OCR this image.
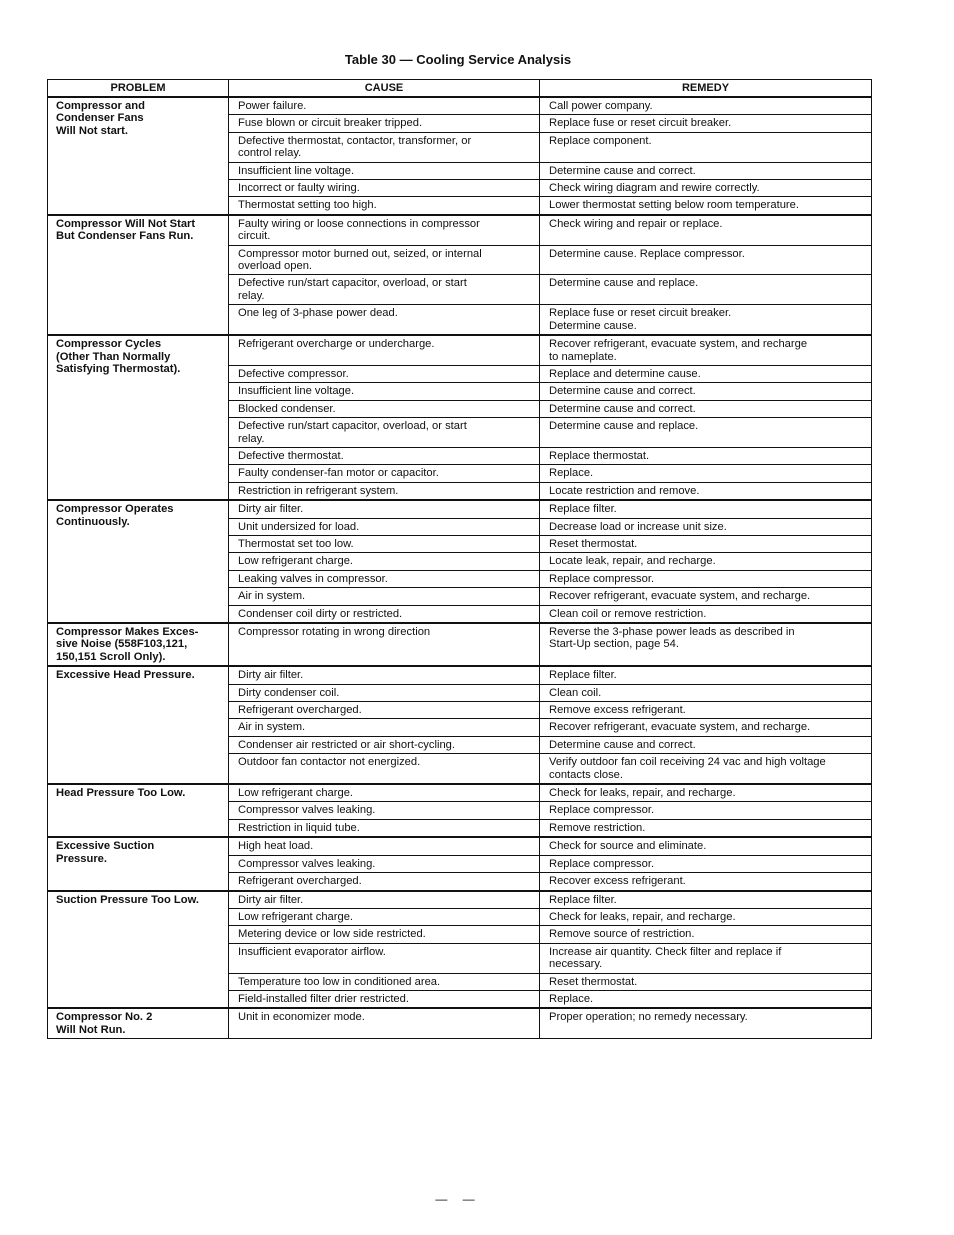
Table 30 — Cooling Service Analysis
PROBLEM	CAUSE	REMEDY
Compressor and
Condenser Fans
Will Not start.	Power failure.	Call power company.
	Fuse blown or circuit breaker tripped.	Replace fuse or reset circuit breaker.
	Defective thermostat, contactor, transformer, or
control relay.	Replace component.
	Insufficient line voltage.	Determine cause and correct.
	Incorrect or faulty wiring.	Check wiring diagram and rewire correctly.
	Thermostat setting too high.	Lower thermostat setting below room temperature.
Compressor Will Not Start
But Condenser Fans Run.	Faulty wiring or loose connections in compressor
circuit.	Check wiring and repair or replace.
	Compressor motor burned out, seized, or internal
overload open.	Determine cause. Replace compressor.
	Defective run/start capacitor, overload, or start
relay.	Determine cause and replace.
	One leg of 3-phase power dead.	Replace fuse or reset circuit breaker.
Determine cause.
Compressor Cycles
(Other Than Normally
Satisfying Thermostat).	Refrigerant overcharge or undercharge.	Recover refrigerant, evacuate system, and recharge
to nameplate.
	Defective compressor.	Replace and determine cause.
	Insufficient line voltage.	Determine cause and correct.
	Blocked condenser.	Determine cause and correct.
	Defective run/start capacitor, overload, or start
relay.	Determine cause and replace.
	Defective thermostat.	Replace thermostat.
	Faulty condenser-fan motor or capacitor.	Replace.
	Restriction in refrigerant system.	Locate restriction and remove.
Compressor Operates
Continuously.	Dirty air filter.	Replace filter.
	Unit undersized for load.	Decrease load or increase unit size.
	Thermostat set too low.	Reset thermostat.
	Low refrigerant charge.	Locate leak, repair, and recharge.
	Leaking valves in compressor.	Replace compressor.
	Air in system.	Recover refrigerant, evacuate system, and recharge.
	Condenser coil dirty or restricted.	Clean coil or remove restriction.
Compressor Makes Exces-
sive Noise (558F103,121,
150,151 Scroll Only).	Compressor rotating in wrong direction	Reverse the 3-phase power leads as described in
Start-Up section, page 54.

Excessive Head Pressure.	Dirty air filter.	Replace filter.
	Dirty condenser coil.	Clean coil.
	Refrigerant overcharged.	Remove excess refrigerant.
	Air in system.	Recover refrigerant, evacuate system, and recharge.
	Condenser air restricted or air short-cycling.	Determine cause and correct.
	Outdoor fan contactor not energized.	Verify outdoor fan coil receiving 24 vac and high voltage
contacts close.
Head Pressure Too Low.	Low refrigerant charge.	Check for leaks, repair, and recharge.
	Compressor valves leaking.	Replace compressor.
	Restriction in liquid tube.	Remove restriction.
Excessive Suction
Pressure.	High heat load.	Check for source and eliminate.
	Compressor valves leaking.	Replace compressor.
	Refrigerant overcharged.	Recover excess refrigerant.
Suction Pressure Too Low.	Dirty air filter.	Replace filter.
	Low refrigerant charge.	Check for leaks, repair, and recharge.
	Metering device or low side restricted.	Remove source of restriction.
	Insufficient evaporator airflow.	Increase air quantity. Check filter and replace if
necessary.
	Temperature too low in conditioned area.	Reset thermostat.
	Field-installed filter drier restricted.	Replace.
Compressor No. 2
Will Not Run.	Unit in economizer mode.	Proper operation; no remedy necessary.

— —
